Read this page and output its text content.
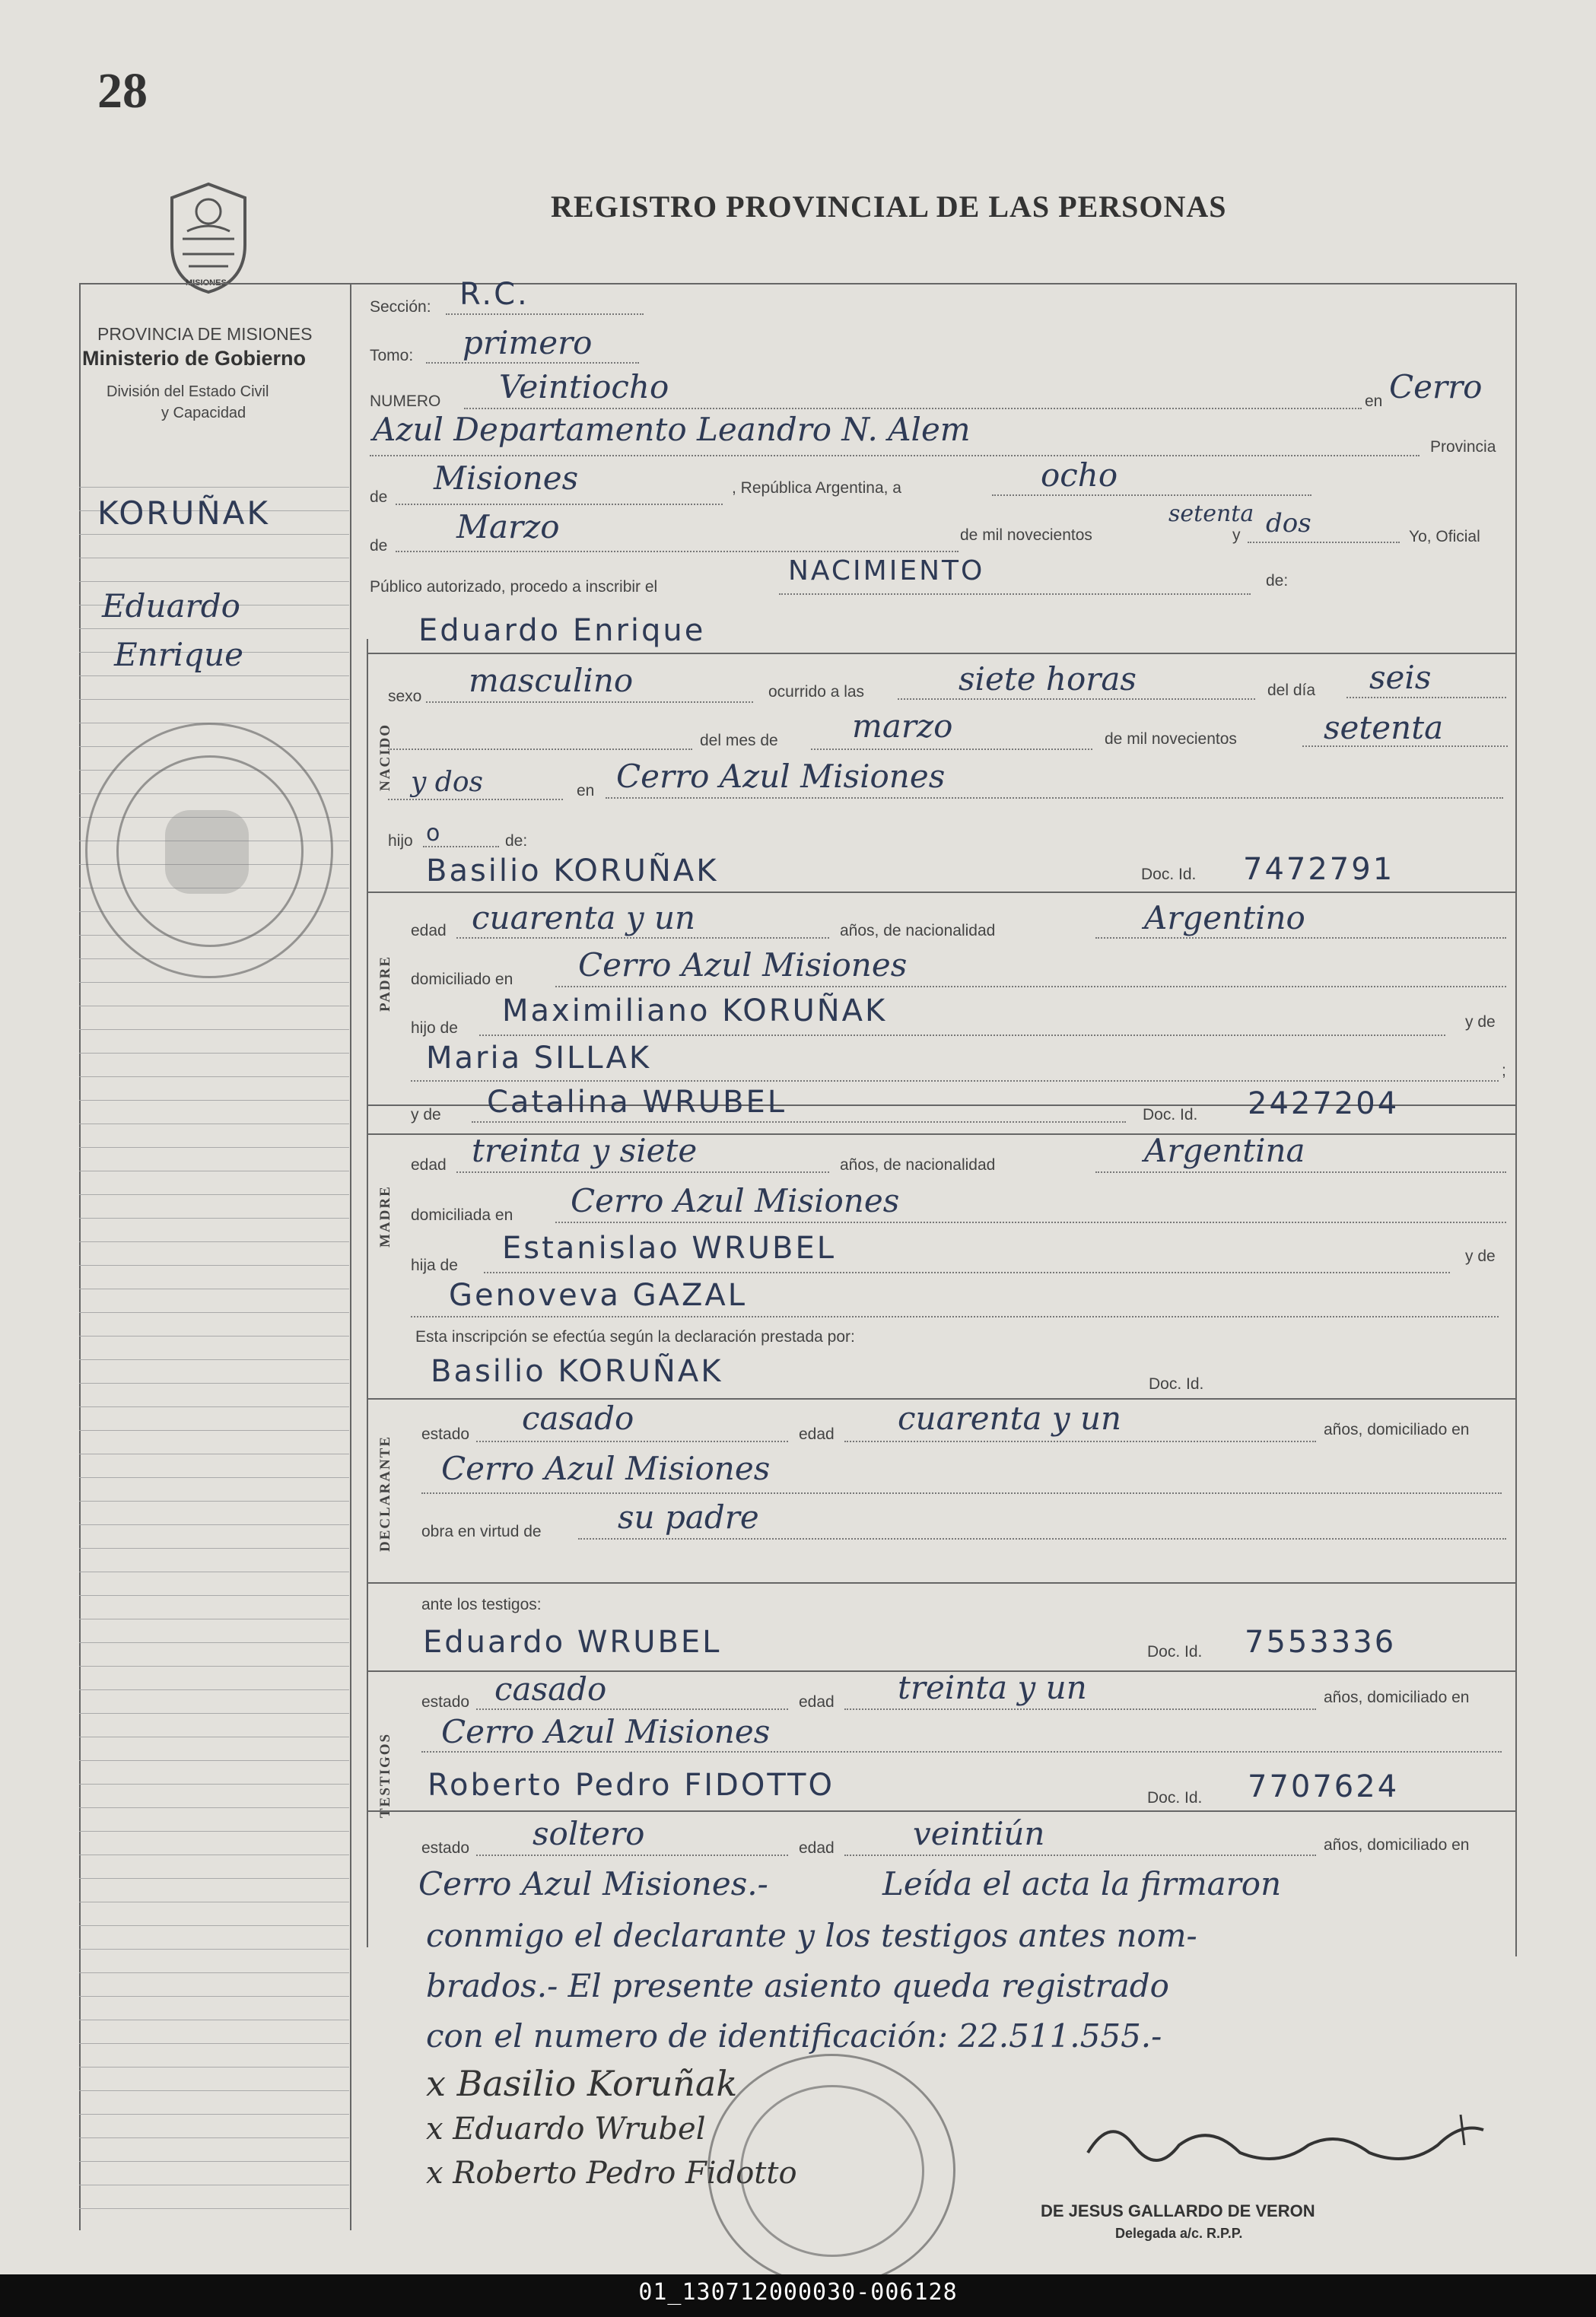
28
REGISTRO PROVINCIAL DE LAS PERSONAS
MISIONES
PROVINCIA DE MISIONES
Ministerio de Gobierno
División del Estado Civil
y Capacidad
KORUÑAK
Eduardo
Enrique
Sección: R.C.
Tomo: primero
NUMERO Veintiocho	en Cerro
Azul Departamento Leandro N. Alem	Provincia
de
Misiones	, República Argentina, a	ocho
de
Marzo	de mil novecientos
setenta
y dos	Yo, Oficial
Público autorizado, procedo a inscribir el
NACIMIENTO	de:
Eduardo Enrique
NACIDO
sexo masculino	ocurrido a las	siete horas	del día seis
del mes de marzo	de mil novecientos	setenta
y dos	en Cerro Azul Misiones
hijo o	de:
Basilio KORUÑAK	Doc. Id. 7472791
PADRE
edad cuarenta y un	años, de nacionalidad	Argentino
domiciliado en Cerro Azul Misiones
hijo de Maximiliano KORUÑAK	y de
Maria SILLAK	;
y de Catalina WRUBEL	Doc. Id. 2427204
MADRE
edad treinta y siete	años, de nacionalidad	Argentina
domiciliada en Cerro Azul Misiones
hija de Estanislao WRUBEL	y de
Genoveva GAZAL
Esta inscripción se efectúa según la declaración prestada por:
Basilio KORUÑAK	Doc. Id.
DECLARANTE
estado casado	edad cuarenta y un	años, domiciliado en
Cerro Azul Misiones
obra en virtud de su padre
ante los testigos:
Eduardo WRUBEL	Doc. Id. 7553336
TESTIGOS
estado casado	edad treinta y un	años, domiciliado en
Cerro Azul Misiones
Roberto Pedro FIDOTTO	Doc. Id. 7707624
estado soltero	edad veintiún	años, domiciliado en
Cerro Azul Misiones.-	Leída el acta la firmaron
conmigo el declarante y los testigos antes nom-
brados.- El presente asiento queda registrado
con el numero de identificación: 22.511.555.-
x Basilio Koruñak
x Eduardo Wrubel
x Roberto Pedro Fidotto
DE JESUS GALLARDO DE VERON
Delegada a/c. R.P.P.
01_130712000030-006128
